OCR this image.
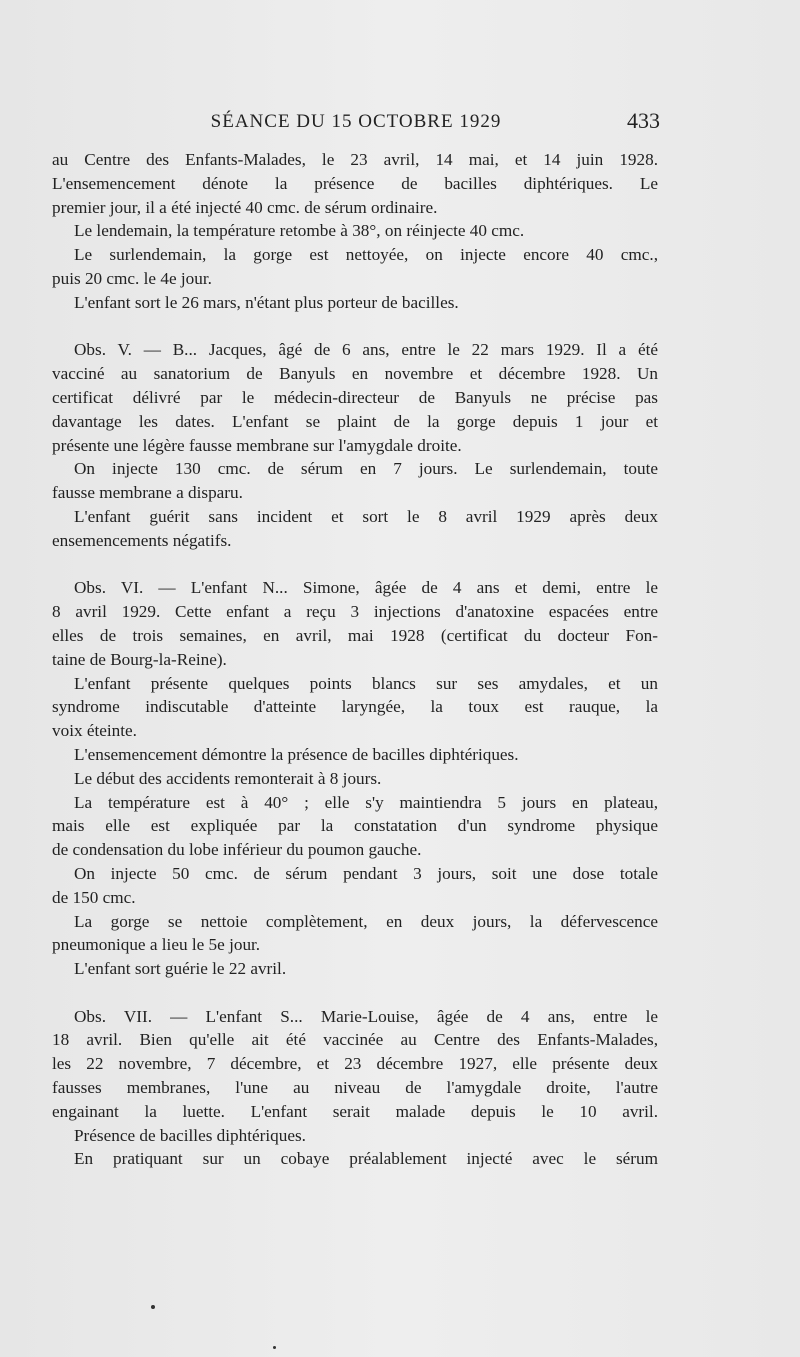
SÉANCE DU 15 OCTOBRE 1929	433
au Centre des Enfants-Malades, le 23 avril, 14 mai, et 14 juin 1928.
L'ensemencement dénote la présence de bacilles diphtériques. Le
premier jour, il a été injecté 40 cmc. de sérum ordinaire.
Le lendemain, la température retombe à 38°, on réinjecte 40 cmc.
Le surlendemain, la gorge est nettoyée, on injecte encore 40 cmc.,
puis 20 cmc. le 4e jour.
L'enfant sort le 26 mars, n'étant plus porteur de bacilles.
Obs. V. — B... Jacques, âgé de 6 ans, entre le 22 mars 1929. Il a été
vacciné au sanatorium de Banyuls en novembre et décembre 1928. Un
certificat délivré par le médecin-directeur de Banyuls ne précise pas
davantage les dates. L'enfant se plaint de la gorge depuis 1 jour et
présente une légère fausse membrane sur l'amygdale droite.
On injecte 130 cmc. de sérum en 7 jours. Le surlendemain, toute
fausse membrane a disparu.
L'enfant guérit sans incident et sort le 8 avril 1929 après deux
ensemencements négatifs.
Obs. VI. — L'enfant N... Simone, âgée de 4 ans et demi, entre le
8 avril 1929. Cette enfant a reçu 3 injections d'anatoxine espacées entre
elles de trois semaines, en avril, mai 1928 (certificat du docteur Fon-
taine de Bourg-la-Reine).
L'enfant présente quelques points blancs sur ses amydales, et un
syndrome indiscutable d'atteinte laryngée, la toux est rauque, la
voix éteinte.
L'ensemencement démontre la présence de bacilles diphtériques.
Le début des accidents remonterait à 8 jours.
La température est à 40° ; elle s'y maintiendra 5 jours en plateau,
mais elle est expliquée par la constatation d'un syndrome physique
de condensation du lobe inférieur du poumon gauche.
On injecte 50 cmc. de sérum pendant 3 jours, soit une dose totale
de 150 cmc.
La gorge se nettoie complètement, en deux jours, la défervescence
pneumonique a lieu le 5e jour.
L'enfant sort guérie le 22 avril.
Obs. VII. — L'enfant S... Marie-Louise, âgée de 4 ans, entre le
18 avril. Bien qu'elle ait été vaccinée au Centre des Enfants-Malades,
les 22 novembre, 7 décembre, et 23 décembre 1927, elle présente deux
fausses membranes, l'une au niveau de l'amygdale droite, l'autre
engainant la luette. L'enfant serait malade depuis le 10 avril.
Présence de bacilles diphtériques.
En pratiquant sur un cobaye préalablement injecté avec le sérum
